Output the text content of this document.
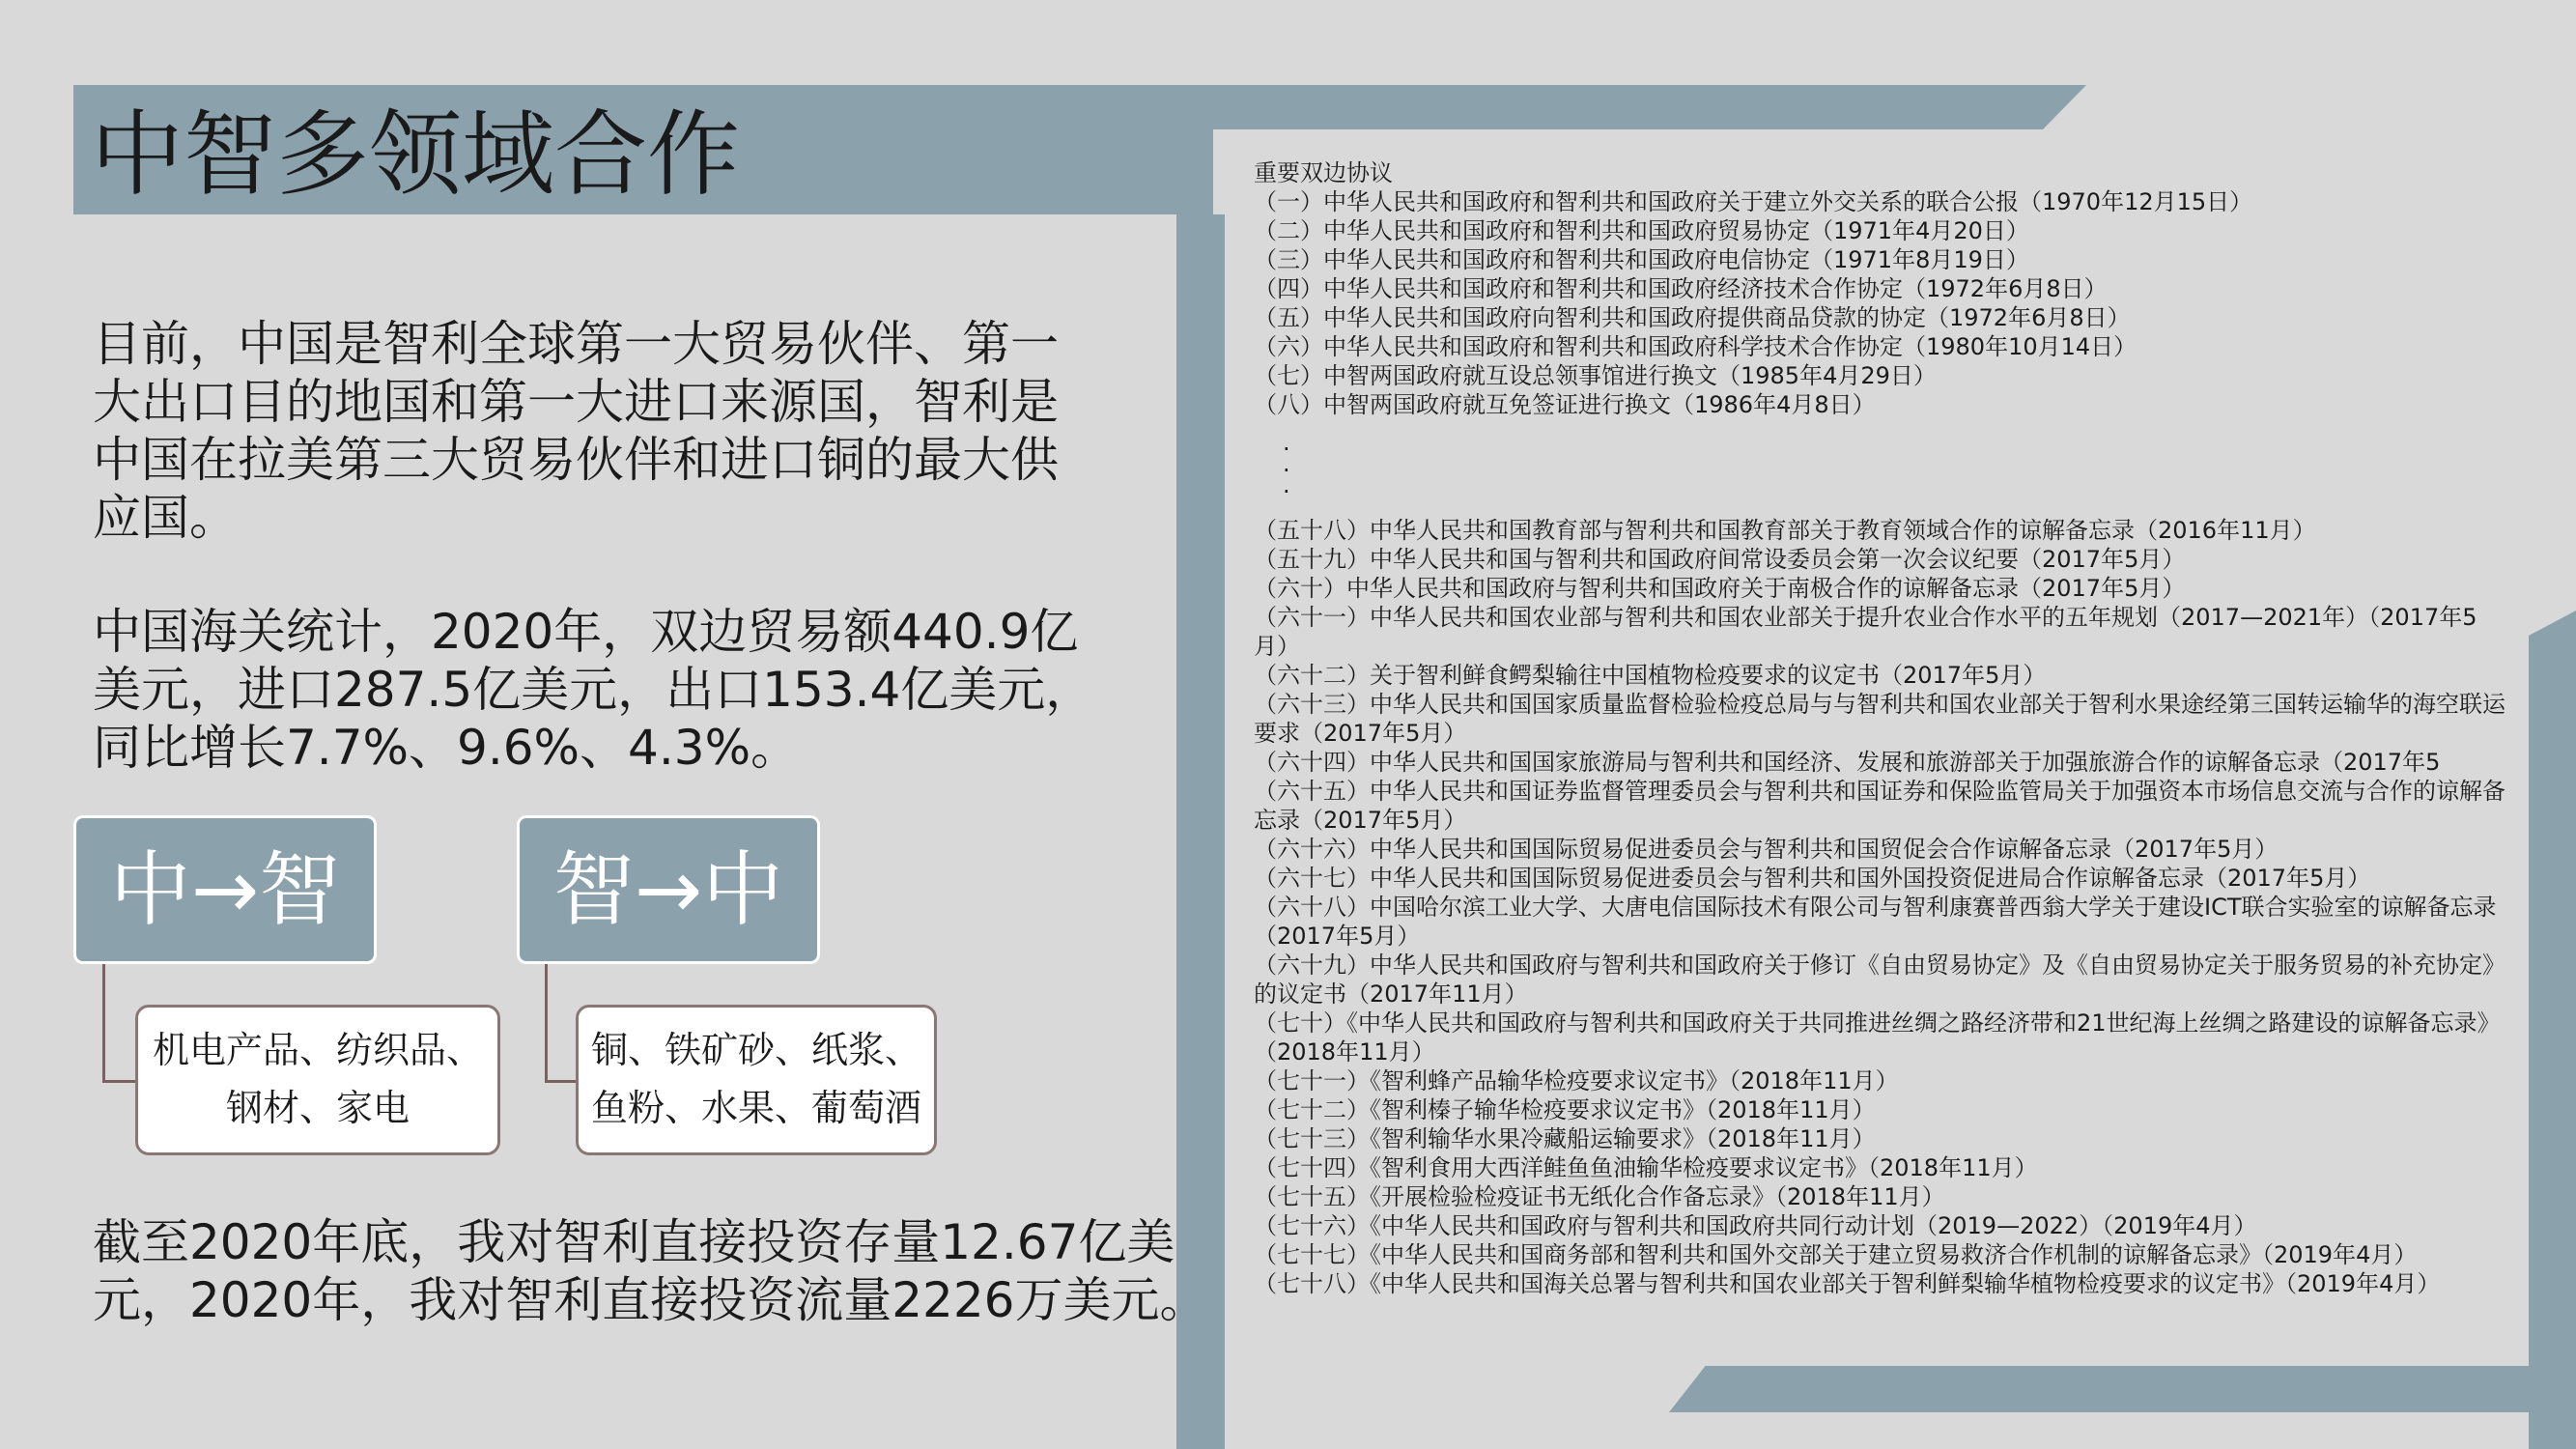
中智多领域合作

目前，中国是智利全球第一大贸易伙伴、第一
大出口目的地国和第一大进口来源国，智利是
中国在拉美第三大贸易伙伴和进口铜的最大供
应国。

中国海关统计，2020年，双边贸易额440.9亿
美元，进口287.5亿美元，出口153.4亿美元，
同比增长7.7%、9.6%、4.3%。

中→智	智→中
机电产品、纺织品、
钢材、家电
铜、铁矿砂、纸浆、
鱼粉、水果、葡萄酒

截至2020年底，我对智利直接投资存量12.67亿美
元，2020年，我对智利直接投资流量2226万美元。

重要双边协议

（一）中华人民共和国政府和智利共和国政府关于建立外交关系的联合公报（1970年12月15日）

（二）中华人民共和国政府和智利共和国政府贸易协定（1971年4月20日）

（三）中华人民共和国政府和智利共和国政府电信协定（1971年8月19日）

（四）中华人民共和国政府和智利共和国政府经济技术合作协定（1972年6月8日）

（五）中华人民共和国政府向智利共和国政府提供商品贷款的协定（1972年6月8日）

（六）中华人民共和国政府和智利共和国政府科学技术合作协定（1980年10月14日）

（七）中智两国政府就互设总领事馆进行换文（1985年4月29日）

（八）中智两国政府就互免签证进行换文（1986年4月8日）

·

·

·

（五十八）中华人民共和国教育部与智利共和国教育部关于教育领域合作的谅解备忘录（2016年11月）

（五十九）中华人民共和国与智利共和国政府间常设委员会第一次会议纪要（2017年5月）

（六十）中华人民共和国政府与智利共和国政府关于南极合作的谅解备忘录（2017年5月）

（六十一）中华人民共和国农业部与智利共和国农业部关于提升农业合作水平的五年规划（2017—2021年）（2017年5月）

（六十二）关于智利鲜食鳄梨输往中国植物检疫要求的议定书（2017年5月）

（六十三）中华人民共和国国家质量监督检验检疫总局与与智利共和国农业部关于智利水果途经第三国转运输华的海空联运要求（2017年5月）

（六十四）中华人民共和国国家旅游局与智利共和国经济、发展和旅游部关于加强旅游合作的谅解备忘录（2017年5

（六十五）中华人民共和国证券监督管理委员会与智利共和国证券和保险监管局关于加强资本市场信息交流与合作的谅解备忘录（2017年5月）

（六十六）中华人民共和国国际贸易促进委员会与智利共和国贸促会合作谅解备忘录（2017年5月）

（六十七）中华人民共和国国际贸易促进委员会与智利共和国外国投资促进局合作谅解备忘录（2017年5月）

（六十八）中国哈尔滨工业大学、大唐电信国际技术有限公司与智利康赛普西翁大学关于建设ICT联合实验室的谅解备忘录（2017年5月）

（六十九）中华人民共和国政府与智利共和国政府关于修订《自由贸易协定》及《自由贸易协定关于服务贸易的补充协定》的议定书（2017年11月）

（七十）《中华人民共和国政府与智利共和国政府关于共同推进丝绸之路经济带和21世纪海上丝绸之路建设的谅解备忘录》（2018年11月）

（七十一）《智利蜂产品输华检疫要求议定书》（2018年11月）

（七十二）《智利榛子输华检疫要求议定书》（2018年11月）

（七十三）《智利输华水果冷藏船运输要求》（2018年11月）

（七十四）《智利食用大西洋鲑鱼鱼油输华检疫要求议定书》（2018年11月）

（七十五）《开展检验检疫证书无纸化合作备忘录》（2018年11月）

（七十六）《中华人民共和国政府与智利共和国政府共同行动计划（2019—2022）（2019年4月）

（七十七）《中华人民共和国商务部和智利共和国外交部关于建立贸易救济合作机制的谅解备忘录》（2019年4月）

（七十八）《中华人民共和国海关总署与智利共和国农业部关于智利鲜梨输华植物检疫要求的议定书》（2019年4月）
